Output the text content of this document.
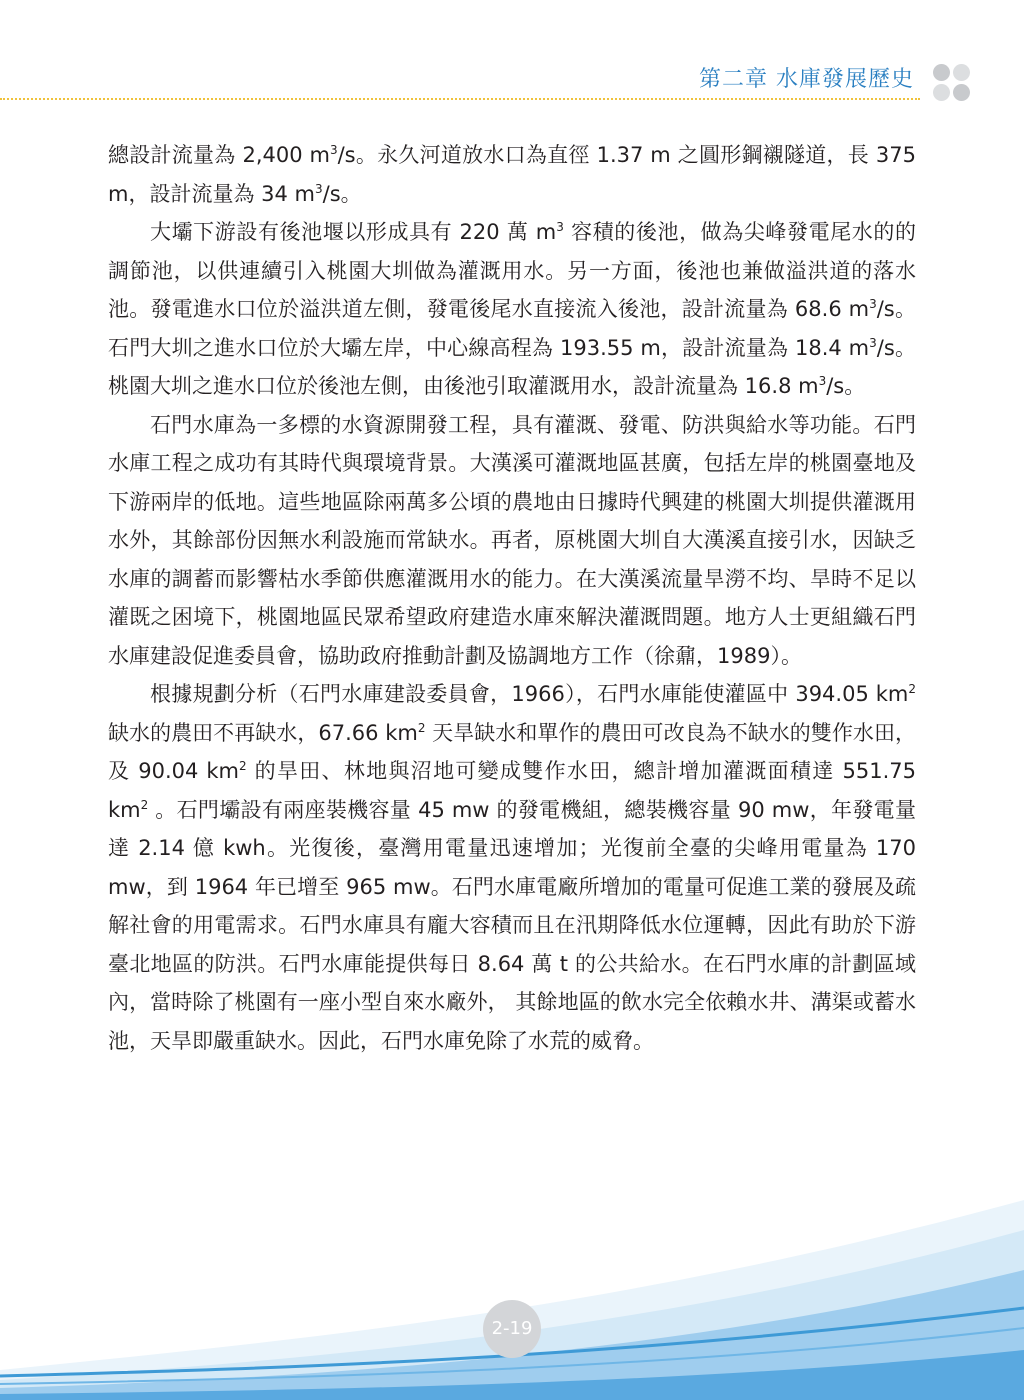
第二章 水庫發展歷史

總設計流量為 2,400 $m^3/s$。永久河道放水口為直徑 1.37 m 之圓形鋼襯隧道，長 375 m，設計流量為 34 $m^3/s$。

大壩下游設有後池堰以形成具有 220 萬 $m^3$ 容積的後池，做為尖峰發電尾水的的調節池，以供連續引入桃園大圳做為灌溉用水。另一方面，後池也兼做溢洪道的落水池。發電進水口位於溢洪道左側，發電後尾水直接流入後池，設計流量為 68.6 $m^3/s$。石門大圳之進水口位於大壩左岸，中心線高程為 193.55 m，設計流量為 18.4 $m^3/s$。桃園大圳之進水口位於後池左側，由後池引取灌溉用水，設計流量為 16.8 $m^3/s$。

石門水庫為一多標的水資源開發工程，具有灌溉、發電、防洪與給水等功能。石門水庫工程之成功有其時代與環境背景。大漢溪可灌溉地區甚廣，包括左岸的桃園臺地及下游兩岸的低地。這些地區除兩萬多公頃的農地由日據時代興建的桃園大圳提供灌溉用水外，其餘部份因無水利設施而常缺水。再者，原桃園大圳自大漢溪直接引水，因缺乏水庫的調蓄而影響枯水季節供應灌溉用水的能力。在大漢溪流量旱澇不均、旱時不足以灌既之困境下，桃園地區民眾希望政府建造水庫來解決灌溉問題。地方人士更組織石門水庫建設促進委員會，協助政府推動計劃及協調地方工作（徐鼐，1989）。

根據規劃分析（石門水庫建設委員會，1966），石門水庫能使灌區中 394.05 $km^2$ 缺水的農田不再缺水，67.66 $km^2$ 天旱缺水和單作的農田可改良為不缺水的雙作水田，及 90.04 $km^2$ 的旱田、林地與沼地可變成雙作水田，總計增加灌溉面積達 551.75 $km^2$ 。石門壩設有兩座裝機容量 45 mw 的發電機組，總裝機容量 90 mw，年發電量達 2.14 億 kwh。光復後，臺灣用電量迅速增加；光復前全臺的尖峰用電量為 170 mw，到 1964 年已增至 965 mw。石門水庫電廠所增加的電量可促進工業的發展及疏解社會的用電需求。石門水庫具有龐大容積而且在汛期降低水位運轉，因此有助於下游臺北地區的防洪。石門水庫能提供每日 8.64 萬 t 的公共給水。在石門水庫的計劃區域內，當時除了桃園有一座小型自來水廠外， 其餘地區的飲水完全依賴水井、溝渠或蓄水池，天旱即嚴重缺水。因此，石門水庫免除了水荒的威脅。

2-19
